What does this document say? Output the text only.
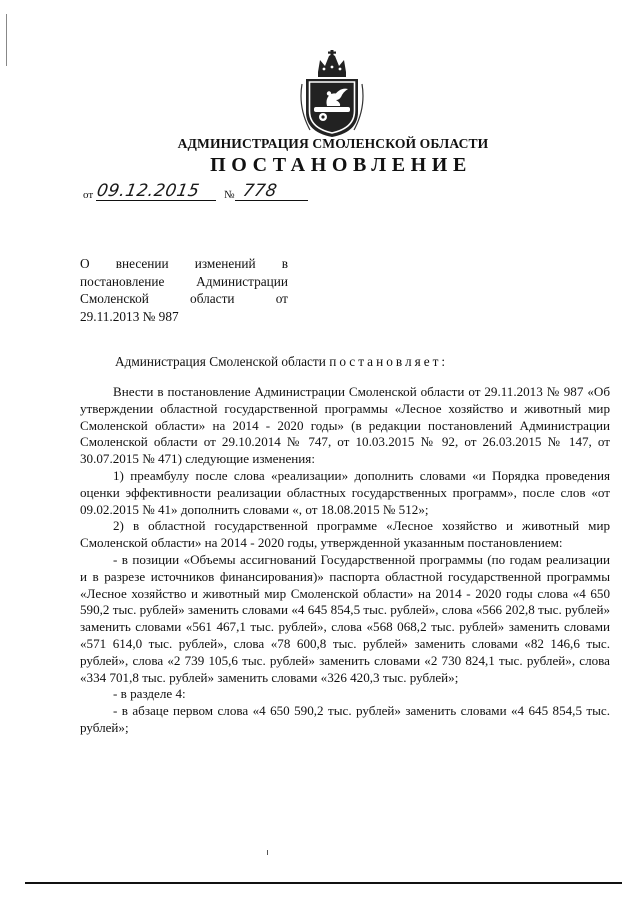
АДМИНИСТРАЦИЯ СМОЛЕНСКОЙ ОБЛАСТИ
ПОСТАНОВЛЕНИЕ
от 09.12.2015 № 778
О внесении изменений в
постановление Администрации
Смоленской области от
29.11.2013 № 987
Администрация Смоленской области постановляет:

Внести в постановление Администрации Смоленской области от 29.11.2013 № 987 «Об утверждении областной государственной программы «Лесное хозяйство и животный мир Смоленской области» на 2014 - 2020 годы» (в редакции постановлений Администрации Смоленской области от 29.10.2014 № 747, от 10.03.2015 № 92, от 26.03.2015 № 147, от 30.07.2015 № 471) следующие изменения:

1) преамбулу после слова «реализации» дополнить словами «и Порядка проведения оценки эффективности реализации областных государственных программ», после слов «от 09.02.2015 № 41» дополнить словами «, от 18.08.2015 № 512»;

2) в областной государственной программе «Лесное хозяйство и животный мир Смоленской области» на 2014 - 2020 годы, утвержденной указанным постановлением:

- в позиции «Объемы ассигнований Государственной программы (по годам реализации и в разрезе источников финансирования)» паспорта областной государственной программы «Лесное хозяйство и животный мир Смоленской области» на 2014 - 2020 годы слова «4 650 590,2 тыс. рублей» заменить словами «4 645 854,5 тыс. рублей», слова «566 202,8 тыс. рублей» заменить словами «561 467,1 тыс. рублей», слова «568 068,2 тыс. рублей» заменить словами «571 614,0 тыс. рублей», слова «78 600,8 тыс. рублей» заменить словами «82 146,6 тыс. рублей», слова «2 739 105,6 тыс. рублей» заменить словами «2 730 824,1 тыс. рублей», слова «334 701,8 тыс. рублей» заменить словами «326 420,3 тыс. рублей»;

- в разделе 4:

- в абзаце первом слова «4 650 590,2 тыс. рублей» заменить словами «4 645 854,5 тыс. рублей»;
